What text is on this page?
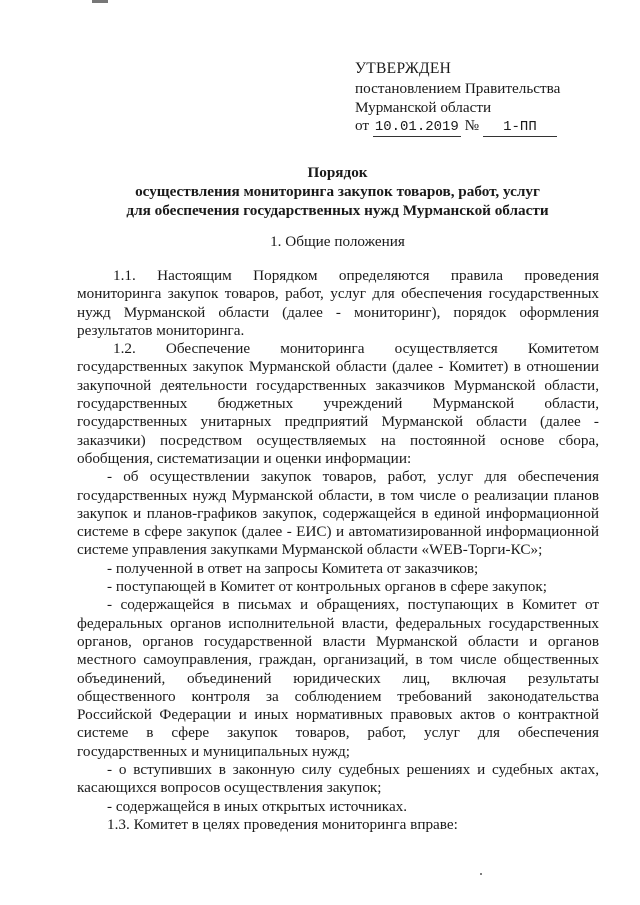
УТВЕРЖДЕН
постановлением Правительства
Мурманской области
от 10.01.2019 № 1-ПП
Порядок
осуществления мониторинга закупок товаров, работ, услуг
для обеспечения государственных нужд Мурманской области
1. Общие положения

1.1. Настоящим Порядком определяются правила проведения мониторинга закупок товаров, работ, услуг для обеспечения государственных нужд Мурманской области (далее - мониторинг), порядок оформления результатов мониторинга.

1.2. Обеспечение мониторинга осуществляется Комитетом государственных закупок Мурманской области (далее - Комитет) в отношении закупочной деятельности государственных заказчиков Мурманской области, государственных бюджетных учреждений Мурманской области, государственных унитарных предприятий Мурманской области (далее - заказчики) посредством осуществляемых на постоянной основе сбора, обобщения, систематизации и оценки информации:

- об осуществлении закупок товаров, работ, услуг для обеспечения государственных нужд Мурманской области, в том числе о реализации планов закупок и планов-графиков закупок, содержащейся в единой информационной системе в сфере закупок (далее - ЕИС) и автоматизированной информационной системе управления закупками Мурманской области «WEB-Торги-КС»;

- полученной в ответ на запросы Комитета от заказчиков;

- поступающей в Комитет от контрольных органов в сфере закупок;

- содержащейся в письмах и обращениях, поступающих в Комитет от федеральных органов исполнительной власти, федеральных государственных органов, органов государственной власти Мурманской области и органов местного самоуправления, граждан, организаций, в том числе общественных объединений, объединений юридических лиц, включая результаты общественного контроля за соблюдением требований законодательства Российской Федерации и иных нормативных правовых актов о контрактной системе в сфере закупок товаров, работ, услуг для обеспечения государственных и муниципальных нужд;

- о вступивших в законную силу судебных решениях и судебных актах, касающихся вопросов осуществления закупок;

- содержащейся в иных открытых источниках.

1.3. Комитет в целях проведения мониторинга вправе:
